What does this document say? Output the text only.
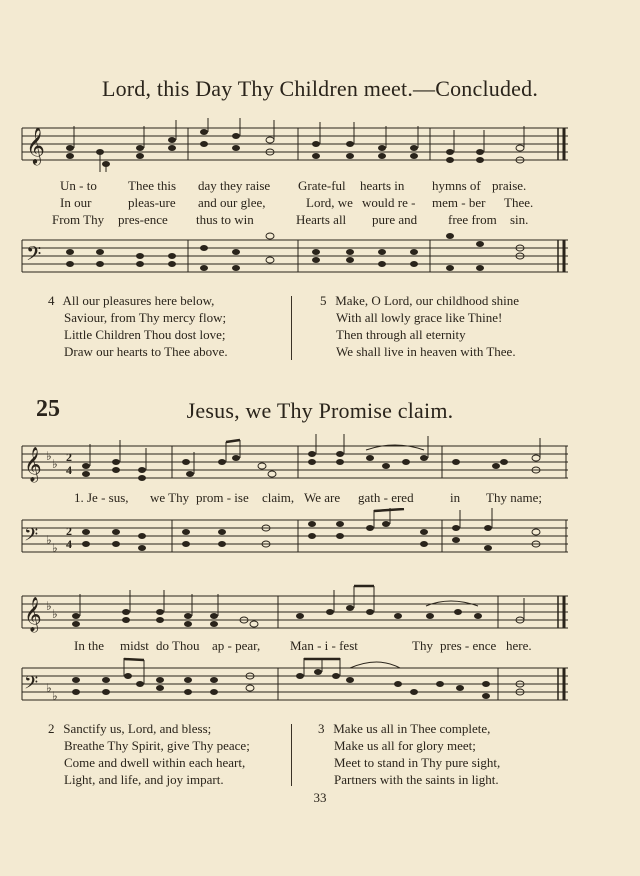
Lord, this Day Thy Children meet.—Concluded.
𝄞
Un - to Thee this day they raise Grate-ful hearts in hymns of praise.
In our	pleas-ure and our glee,	Lord, we would re - mem - ber Thee.
From Thy pres-ence thus to win	Hearts all pure and free from sin.
𝄢
4 All our pleasures here below,
Saviour, from Thy mercy flow;
Little Children Thou dost love;
Draw our hearts to Thee above.
5 Make, O Lord, our childhood shine
With all lowly grace like Thine!
Then through all eternity
We shall live in heaven with Thee.
25	Jesus, we Thy Promise claim.
𝄞 ♭
♭ 2
4
1. Je - sus, we Thy prom - ise claim, We are gath - ered	in Thy name;
𝄢 ♭
♭
2
4
𝄞 ♭
♭
In the midst do Thou ap - pear, Man - i - fest	Thy pres - ence here.
𝄢 ♭
♭
2 Sanctify us, Lord, and bless;
Breathe Thy Spirit, give Thy peace;
Come and dwell within each heart,
Light, and life, and joy impart.
3 Make us all in Thee complete,
Make us all for glory meet;
Meet to stand in Thy pure sight,
Partners with the saints in light.
33
